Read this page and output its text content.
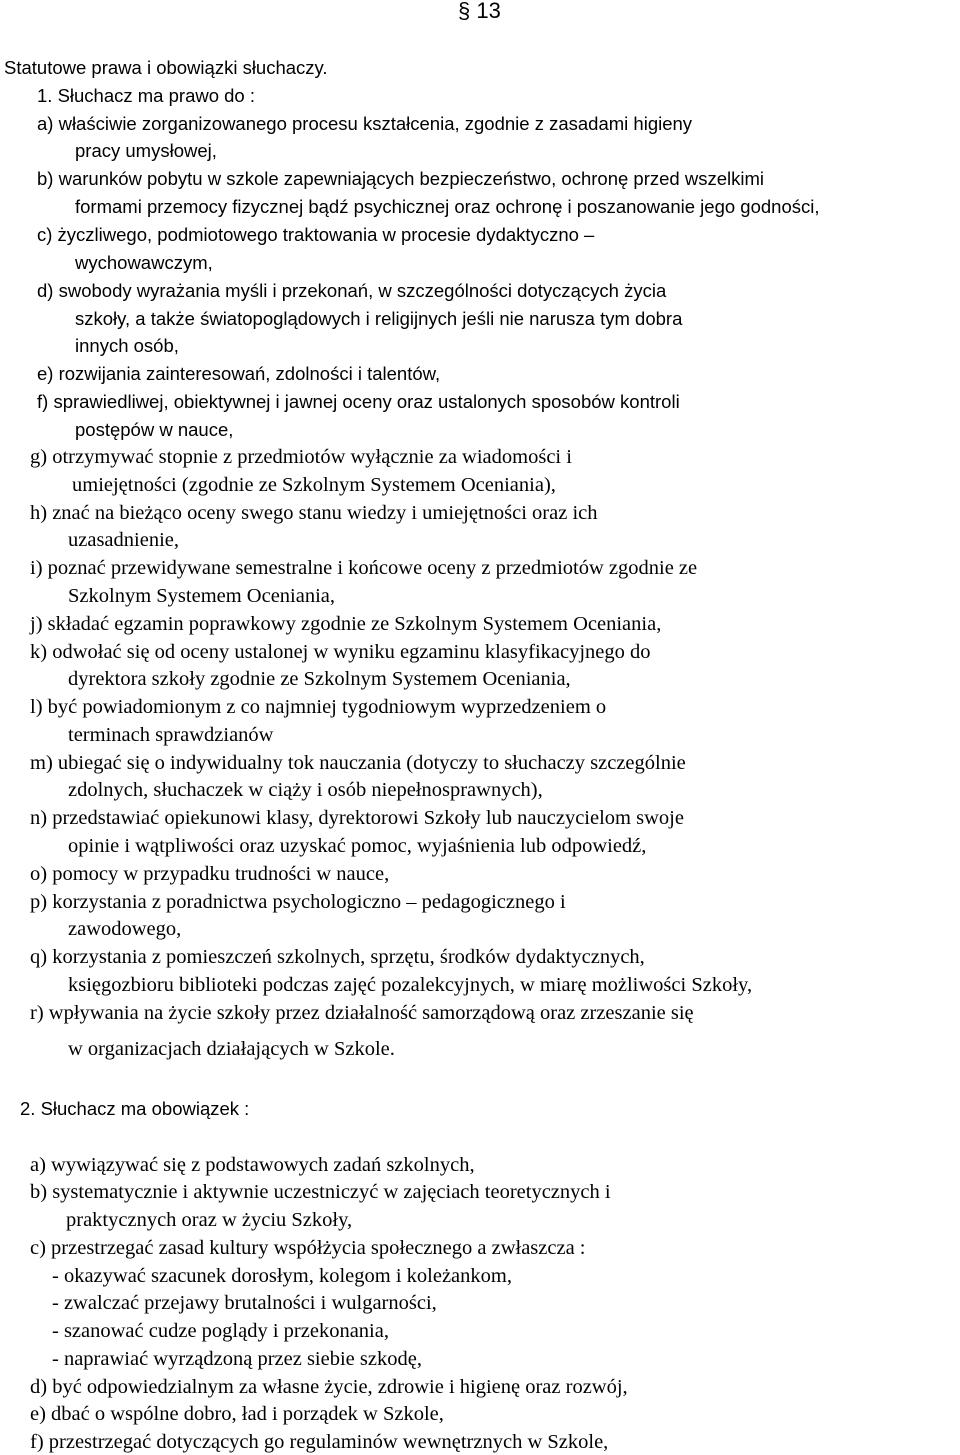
§ 13
Statutowe prawa i obowiązki słuchaczy.
1. Słuchacz ma prawo do :
a) właściwie zorganizowanego procesu kształcenia, zgodnie z zasadami higieny
pracy umysłowej,
b) warunków pobytu w szkole zapewniających bezpieczeństwo, ochronę przed wszelkimi
formami przemocy fizycznej bądź psychicznej oraz ochronę i poszanowanie jego godności,
c) życzliwego, podmiotowego traktowania w procesie dydaktyczno –
wychowawczym,
d) swobody wyrażania myśli i przekonań, w szczególności dotyczących życia
szkoły, a także światopoglądowych i religijnych jeśli nie narusza tym dobra
innych osób,
e) rozwijania zainteresowań, zdolności i talentów,
f) sprawiedliwej, obiektywnej i jawnej oceny oraz ustalonych sposobów kontroli
postępów w nauce,
g) otrzymywać stopnie z przedmiotów wyłącznie za wiadomości i
umiejętności (zgodnie ze Szkolnym Systemem Oceniania),
h) znać na bieżąco oceny swego stanu wiedzy i umiejętności oraz ich
uzasadnienie,
i) poznać przewidywane semestralne i końcowe oceny z przedmiotów zgodnie ze
Szkolnym Systemem Oceniania,
j) składać egzamin poprawkowy zgodnie ze Szkolnym Systemem Oceniania,
k) odwołać się od oceny ustalonej w wyniku egzaminu klasyfikacyjnego do
dyrektora szkoły zgodnie ze Szkolnym Systemem Oceniania,
l) być powiadomionym z co najmniej tygodniowym wyprzedzeniem o
terminach sprawdzianów
m) ubiegać się o indywidualny tok nauczania (dotyczy to słuchaczy szczególnie
zdolnych, słuchaczek w ciąży i osób niepełnosprawnych),
n) przedstawiać opiekunowi klasy, dyrektorowi Szkoły lub nauczycielom swoje
opinie i wątpliwości oraz uzyskać pomoc, wyjaśnienia lub odpowiedź,
o) pomocy w przypadku trudności w nauce,
p) korzystania z poradnictwa psychologiczno – pedagogicznego i
zawodowego,
q) korzystania z pomieszczeń szkolnych, sprzętu, środków dydaktycznych,
księgozbioru biblioteki podczas zajęć pozalekcyjnych, w miarę możliwości Szkoły,
r) wpływania na życie szkoły przez działalność samorządową oraz zrzeszanie się
w organizacjach działających w Szkole.
2. Słuchacz ma obowiązek :
a) wywiązywać się z podstawowych zadań szkolnych,
b) systematycznie i aktywnie uczestniczyć w zajęciach teoretycznych i
praktycznych oraz w życiu Szkoły,
c) przestrzegać zasad kultury współżycia społecznego a zwłaszcza :
- okazywać szacunek dorosłym, kolegom i koleżankom,
- zwalczać przejawy brutalności i wulgarności,
- szanować cudze poglądy i przekonania,
- naprawiać wyrządzoną przez siebie szkodę,
d) być odpowiedzialnym za własne życie, zdrowie i higienę oraz rozwój,
e) dbać o wspólne dobro, ład i porządek w Szkole,
f) przestrzegać dotyczących go regulaminów wewnętrznych w Szkole,
